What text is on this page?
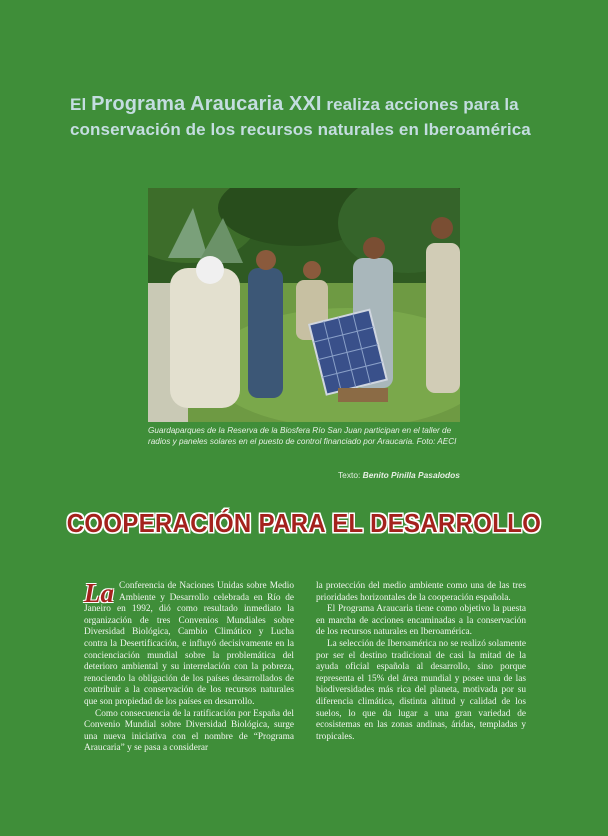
El Programa Araucaria XXI realiza acciones para la
conservación de los recursos naturales en Iberoamérica
Guardaparques de la Reserva de la Biosfera Río San Juan participan en el taller de radios y paneles solares en el puesto de control financiado por Araucaria. Foto: AECI
Texto: Benito Pinilla Pasalodos
COOPERACIÓN PARA EL DESARROLLO

La Conferencia de Naciones Unidas sobre Medio Ambiente y Desarrollo celebrada en Río de Janeiro en 1992, dió como resultado inmediato la organización de tres Convenios Mundiales sobre Diversidad Biológica, Cambio Climático y Lucha contra la Desertificación, e influyó decisivamente en la concienciación mundial sobre la problemática del deterioro ambiental y su interrelación con la pobreza, renociendo la obligación de los países desarrollados de contribuir a la conservación de los recursos naturales que son propiedad de los países en desarrollo.

Como consecuencia de la ratificación por España del Convenio Mundial sobre Diversidad Biológica, surge una nueva iniciativa con el nombre de “Programa Araucaria” y se pasa a considerar

la protección del medio ambiente como una de las tres prioridades horizontales de la cooperación española.

El Programa Araucaria tiene como objetivo la puesta en marcha de acciones encaminadas a la conservación de los recursos naturales en Iberoamérica.

La selección de Iberoamérica no se realizó solamente por ser el destino tradicional de casi la mitad de la ayuda oficial española al desarrollo, sino porque representa el 15% del área mundial y posee una de las biodiversidades más rica del planeta, motivada por su diferencia climática, distinta altitud y calidad de los suelos, lo que da lugar a una gran variedad de ecosistemas en las zonas andinas, áridas, templadas y tropicales.
